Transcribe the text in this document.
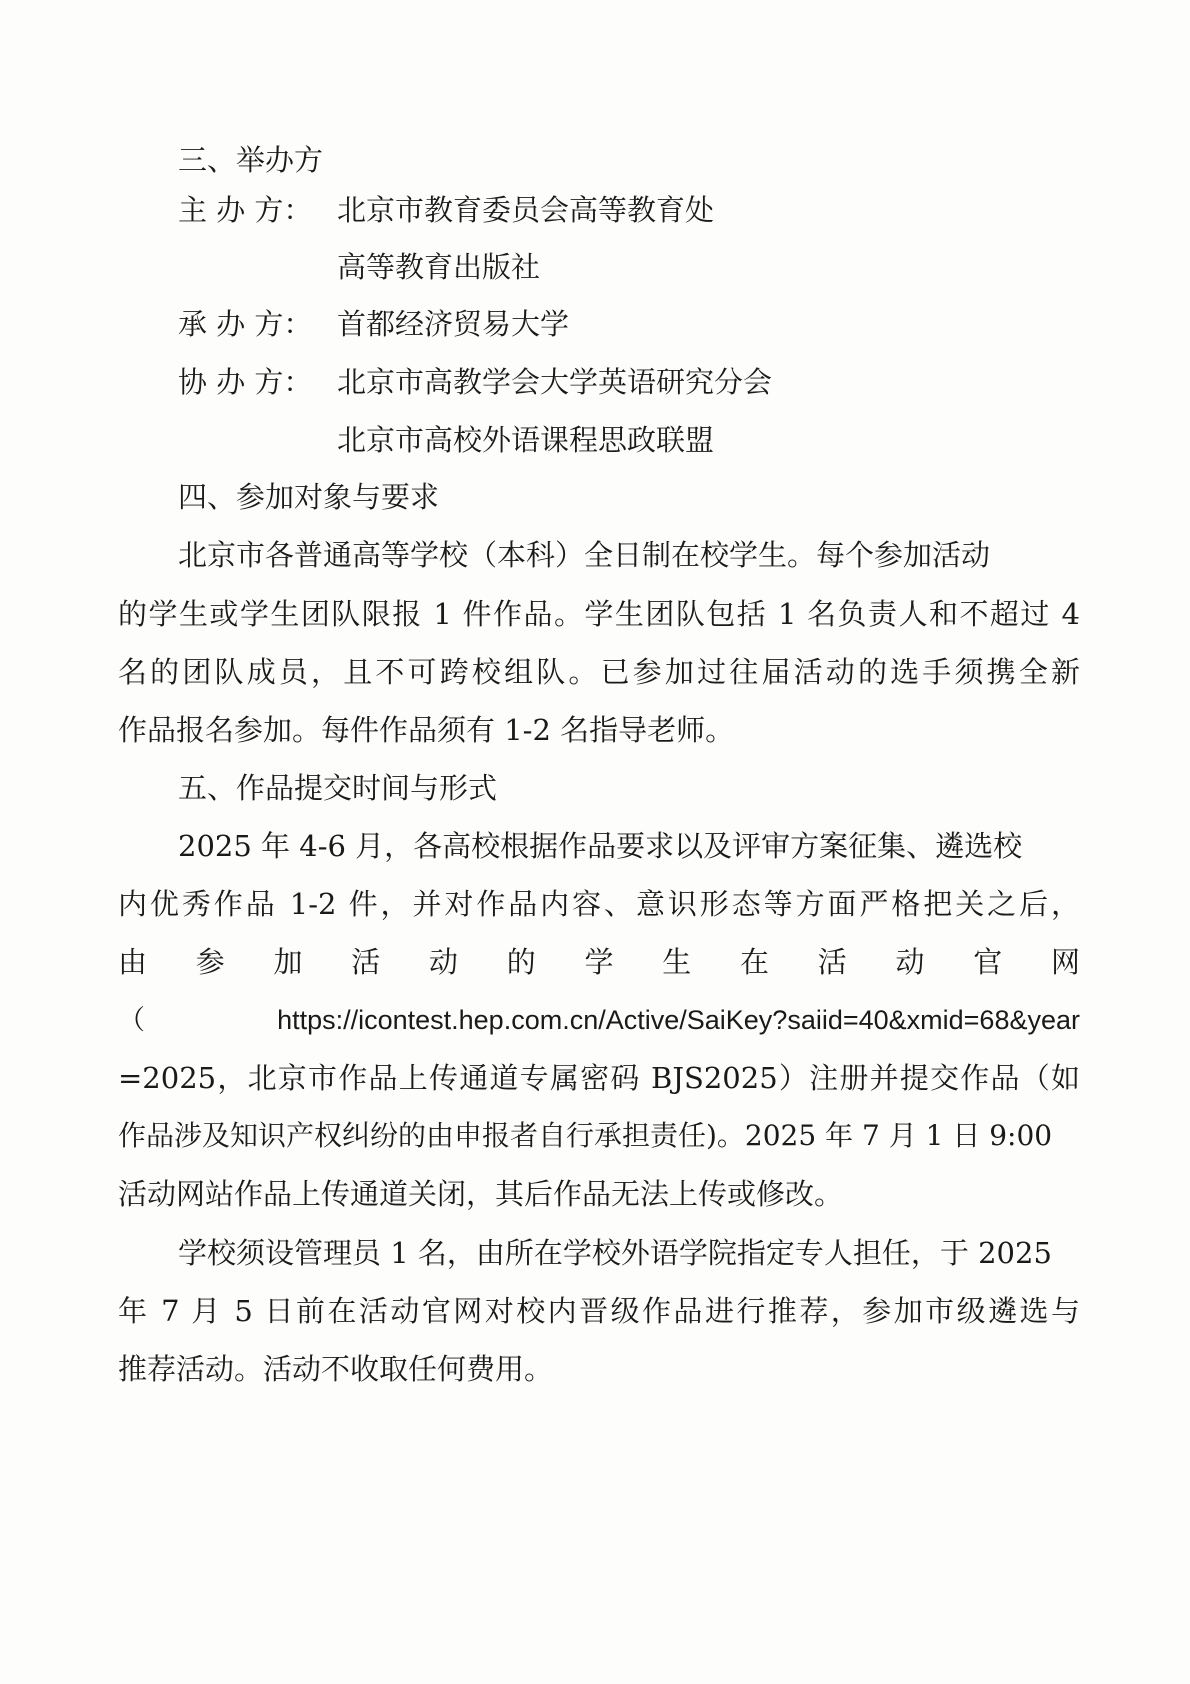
三、举办方
主 办 方： 北京市教育委员会高等教育处
高等教育出版社
承 办 方： 首都经济贸易大学
协 办 方： 北京市高教学会大学英语研究分会
北京市高校外语课程思政联盟
四、参加对象与要求
北京市各普通高等学校（本科）全日制在校学生。每个参加活动
的学生或学生团队限报 1 件作品。学生团队包括 1 名负责人和不超过 4
名的团队成员，且不可跨校组队。已参加过往届活动的选手须携全新
作品报名参加。每件作品须有 1-2 名指导老师。
五、作品提交时间与形式
2025 年 4-6 月，各高校根据作品要求以及评审方案征集、遴选校
内优秀作品 1-2 件，并对作品内容、意识形态等方面严格把关之后，
由 参 加 活 动 的 学 生 在 活 动 官 网
（ https://icontest.hep.com.cn/Active/SaiKey?saiid=40&xmid=68&year
=2025，北京市作品上传通道专属密码 BJS2025）注册并提交作品（如
作品涉及知识产权纠纷的由申报者自行承担责任)。2025 年 7 月 1 日 9:00
活动网站作品上传通道关闭，其后作品无法上传或修改。
学校须设管理员 1 名，由所在学校外语学院指定专人担任，于 2025
年 7 月 5 日前在活动官网对校内晋级作品进行推荐，参加市级遴选与
推荐活动。活动不收取任何费用。
